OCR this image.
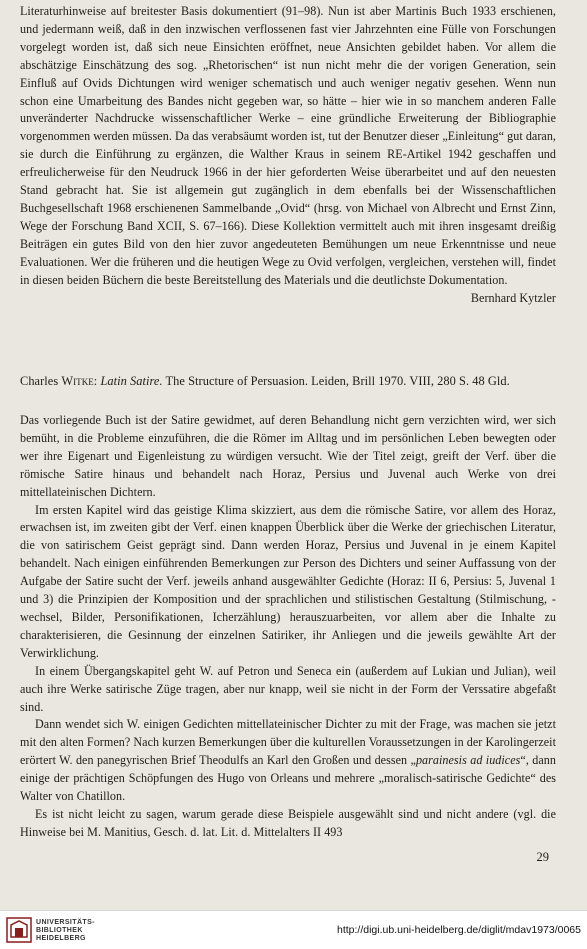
Literaturhinweise auf breitester Basis dokumentiert (91–98). Nun ist aber Martinis Buch 1933 erschienen, und jedermann weiß, daß in den inzwischen verflossenen fast vier Jahrzehnten eine Fülle von Forschungen vorgelegt worden ist, daß sich neue Einsichten eröffnet, neue Ansichten gebildet haben. Vor allem die abschätzige Einschätzung des sog. „Rhetorischen“ ist nun nicht mehr die der vorigen Generation, sein Einfluß auf Ovids Dichtungen wird weniger schematisch und auch weniger negativ gesehen. Wenn nun schon eine Umarbeitung des Bandes nicht gegeben war, so hätte – hier wie in so manchem anderen Falle unveränderter Nachdrucke wissenschaftlicher Werke – eine gründliche Erweiterung der Bibliographie vorgenommen werden müssen. Da das verabsäumt worden ist, tut der Benutzer dieser „Einleitung“ gut daran, sie durch die Einführung zu ergänzen, die Walther Kraus in seinem RE-Artikel 1942 geschaffen und erfreulicherweise für den Neudruck 1966 in der hier geforderten Weise überarbeitet und auf den neuesten Stand gebracht hat. Sie ist allgemein gut zugänglich in dem ebenfalls bei der Wissenschaftlichen Buchgesellschaft 1968 erschienenen Sammelbande „Ovid“ (hrsg. von Michael von Albrecht und Ernst Zinn, Wege der Forschung Band XCII, S. 67–166). Diese Kollektion vermittelt auch mit ihren insgesamt dreißig Beiträgen ein gutes Bild von den hier zuvor angedeuteten Bemühungen um neue Erkenntnisse und neue Evaluationen. Wer die früheren und die heutigen Wege zu Ovid verfolgen, vergleichen, verstehen will, findet in diesen beiden Büchern die beste Bereitstellung des Materials und die deutlichste Dokumentation.
Bernhard Kytzler

Charles Witke: Latin Satire. The Structure of Persuasion. Leiden, Brill 1970. VIII, 280 S. 48 Gld.

Das vorliegende Buch ist der Satire gewidmet, auf deren Behandlung nicht gern verzichten wird, wer sich bemüht, in die Probleme einzuführen, die die Römer im Alltag und im persönlichen Leben bewegten oder wer ihre Eigenart und Eigenleistung zu würdigen versucht. Wie der Titel zeigt, greift der Verf. über die römische Satire hinaus und behandelt nach Horaz, Persius und Juvenal auch Werke von drei mittellateinischen Dichtern.

Im ersten Kapitel wird das geistige Klima skizziert, aus dem die römische Satire, vor allem des Horaz, erwachsen ist, im zweiten gibt der Verf. einen knappen Überblick über die Werke der griechischen Literatur, die von satirischem Geist geprägt sind. Dann werden Horaz, Persius und Juvenal in je einem Kapitel behandelt. Nach einigen einführenden Bemerkungen zur Person des Dichters und seiner Auffassung von der Aufgabe der Satire sucht der Verf. jeweils anhand ausgewählter Gedichte (Horaz: II 6, Persius: 5, Juvenal 1 und 3) die Prinzipien der Komposition und der sprachlichen und stilistischen Gestaltung (Stilmischung, -wechsel, Bilder, Personifikationen, Icherzählung) herauszuarbeiten, vor allem aber die Inhalte zu charakterisieren, die Gesinnung der einzelnen Satiriker, ihr Anliegen und die jeweils gewählte Art der Verwirklichung.

In einem Übergangskapitel geht W. auf Petron und Seneca ein (außerdem auf Lukian und Julian), weil auch ihre Werke satirische Züge tragen, aber nur knapp, weil sie nicht in der Form der Verssatire abgefaßt sind.

Dann wendet sich W. einigen Gedichten mittellateinischer Dichter zu mit der Frage, was machen sie jetzt mit den alten Formen? Nach kurzen Bemerkungen über die kulturellen Voraussetzungen in der Karolingerzeit erörtert W. den panegyrischen Brief Theodulfs an Karl den Großen und dessen „parainesis ad iudices“, dann einige der prächtigen Schöpfungen des Hugo von Orleans und mehrere „moralisch-satirische Gedichte“ des Walter von Chatillon.

Es ist nicht leicht zu sagen, warum gerade diese Beispiele ausgewählt sind und nicht andere (vgl. die Hinweise bei M. Manitius, Gesch. d. lat. Lit. d. Mittelalters II 493

29
UNIVERSITÄTS-
BIBLIOTHEK
HEIDELBERG
http://digi.ub.uni-heidelberg.de/diglit/mdav1973/0065
